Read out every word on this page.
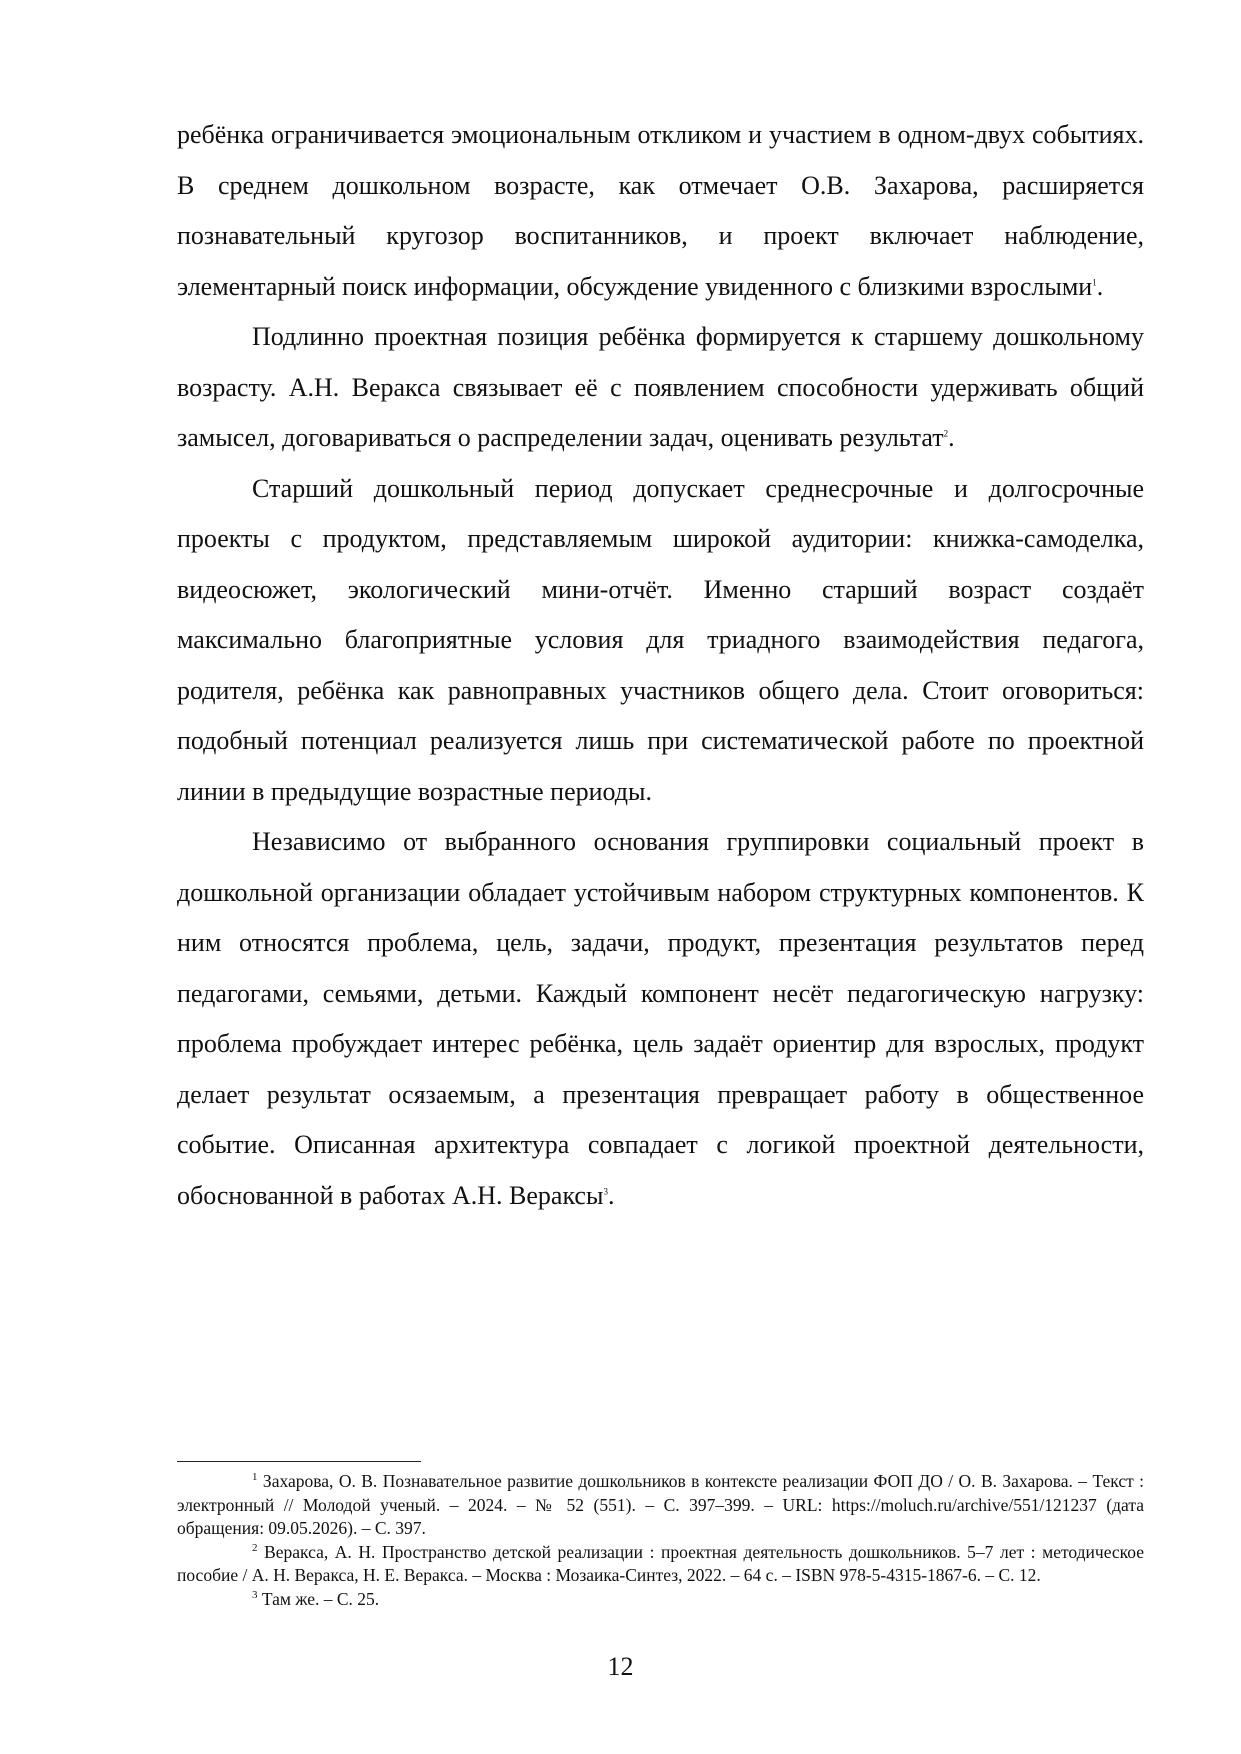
ребёнка ограничивается эмоциональным откликом и участием в одном-двух событиях. В среднем дошкольном возрасте, как отмечает О.В. Захарова, расширяется познавательный кругозор воспитанников, и проект включает наблюдение, элементарный поиск информации, обсуждение увиденного с близкими взрослыми$^1$.

Подлинно проектная позиция ребёнка формируется к старшему дошкольному возрасту. А.Н. Веракса связывает её с появлением способности удерживать общий замысел, договариваться о распределении задач, оценивать результат$^2$.

Старший дошкольный период допускает среднесрочные и долгосрочные проекты с продуктом, представляемым широкой аудитории: книжка-самоделка, видеосюжет, экологический мини-отчёт. Именно старший возраст создаёт максимально благоприятные условия для триадного взаимодействия педагога, родителя, ребёнка как равноправных участников общего дела. Стоит оговориться: подобный потенциал реализуется лишь при систематической работе по проектной линии в предыдущие возрастные периоды.

Независимо от выбранного основания группировки социальный проект в дошкольной организации обладает устойчивым набором структурных компонентов. К ним относятся проблема, цель, задачи, продукт, презентация результатов перед педагогами, семьями, детьми. Каждый компонент несёт педагогическую нагрузку: проблема пробуждает интерес ребёнка, цель задаёт ориентир для взрослых, продукт делает результат осязаемым, а презентация превращает работу в общественное событие. Описанная архитектура совпадает с логикой проектной деятельности, обоснованной в работах А.Н. Вераксы$^3$.

$^1$ Захарова, О. В. Познавательное развитие дошкольников в контексте реализации ФОП ДО / О. В. Захарова. – Текст : электронный // Молодой ученый. – 2024. – № 52 (551). – С. 397–399. – URL: https://moluch.ru/archive/551/121237 (дата обращения: 09.05.2026). – С. 397.

$^2$ Веракса, А. Н. Пространство детской реализации : проектная деятельность дошкольников. 5–7 лет : методическое пособие / А. Н. Веракса, Н. Е. Веракса. – Москва : Мозаика-Синтез, 2022. – 64 с. – ISBN 978-5-4315-1867-6. – С. 12.

$^3$ Там же. – С. 25.

12
